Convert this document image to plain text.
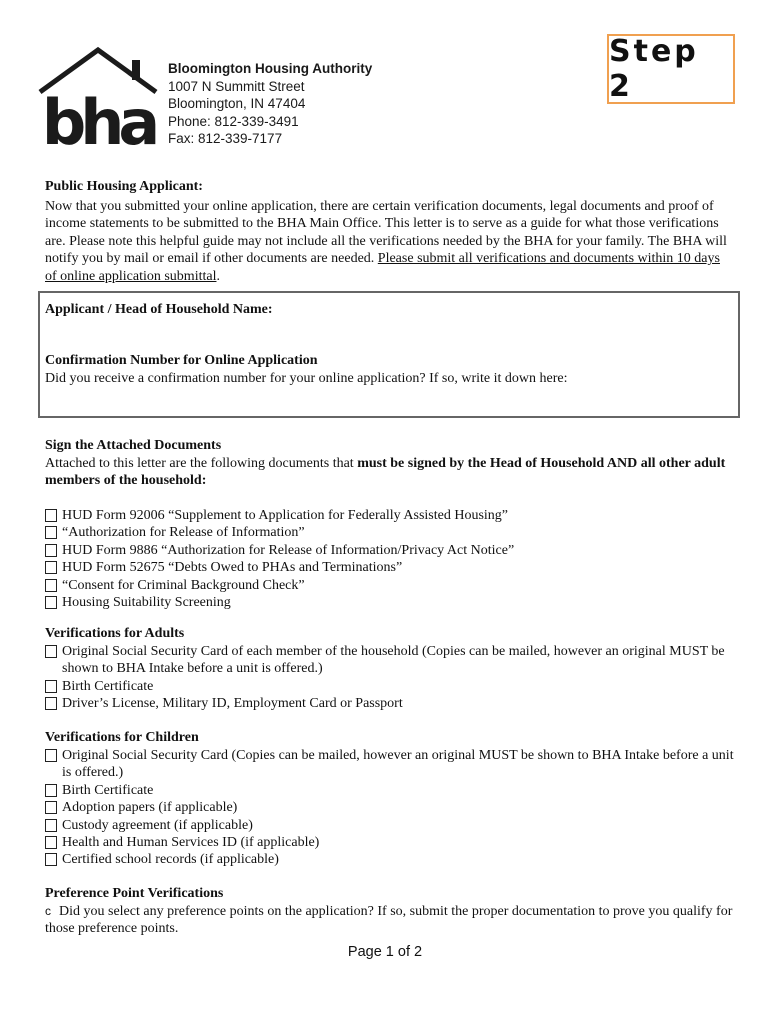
bha
Bloomington Housing Authority
1007 N Summitt Street
Bloomington, IN 47404
Phone: 812-339-3491
Fax: 812-339-7177
Step 2
Public Housing Applicant:
Now that you submitted your online application, there are certain verification documents, legal documents and proof of income statements to be submitted to the BHA Main Office. This letter is to serve as a guide for what those verifications are. Please note this helpful guide may not include all the verifications needed by the BHA for your family. The BHA will notify you by mail or email if other documents are needed. Please submit all verifications and documents within 10 days of online application submittal.
Applicant / Head of Household Name:
Confirmation Number for Online Application
Did you receive a confirmation number for your online application? If so, write it down here:
Sign the Attached Documents
Attached to this letter are the following documents that must be signed by the Head of Household AND all other adult members of the household:
HUD Form 92006 “Supplement to Application for Federally Assisted Housing”
“Authorization for Release of Information”
HUD Form 9886 “Authorization for Release of Information/Privacy Act Notice”
HUD Form 52675 “Debts Owed to PHAs and Terminations”
“Consent for Criminal Background Check”
Housing Suitability Screening
Verifications for Adults
Original Social Security Card of each member of the household (Copies can be mailed, however an original MUST be shown to BHA Intake before a unit is offered.)
Birth Certificate
Driver’s License, Military ID, Employment Card or Passport
Verifications for Children
Original Social Security Card (Copies can be mailed, however an original MUST be shown to BHA Intake before a unit is offered.)
Birth Certificate
Adoption papers (if applicable)
Custody agreement (if applicable)
Health and Human Services ID (if applicable)
Certified school records (if applicable)
Preference Point Verifications
c Did you select any preference points on the application? If so, submit the proper documentation to prove you qualify for those preference points.
Page 1 of 2
